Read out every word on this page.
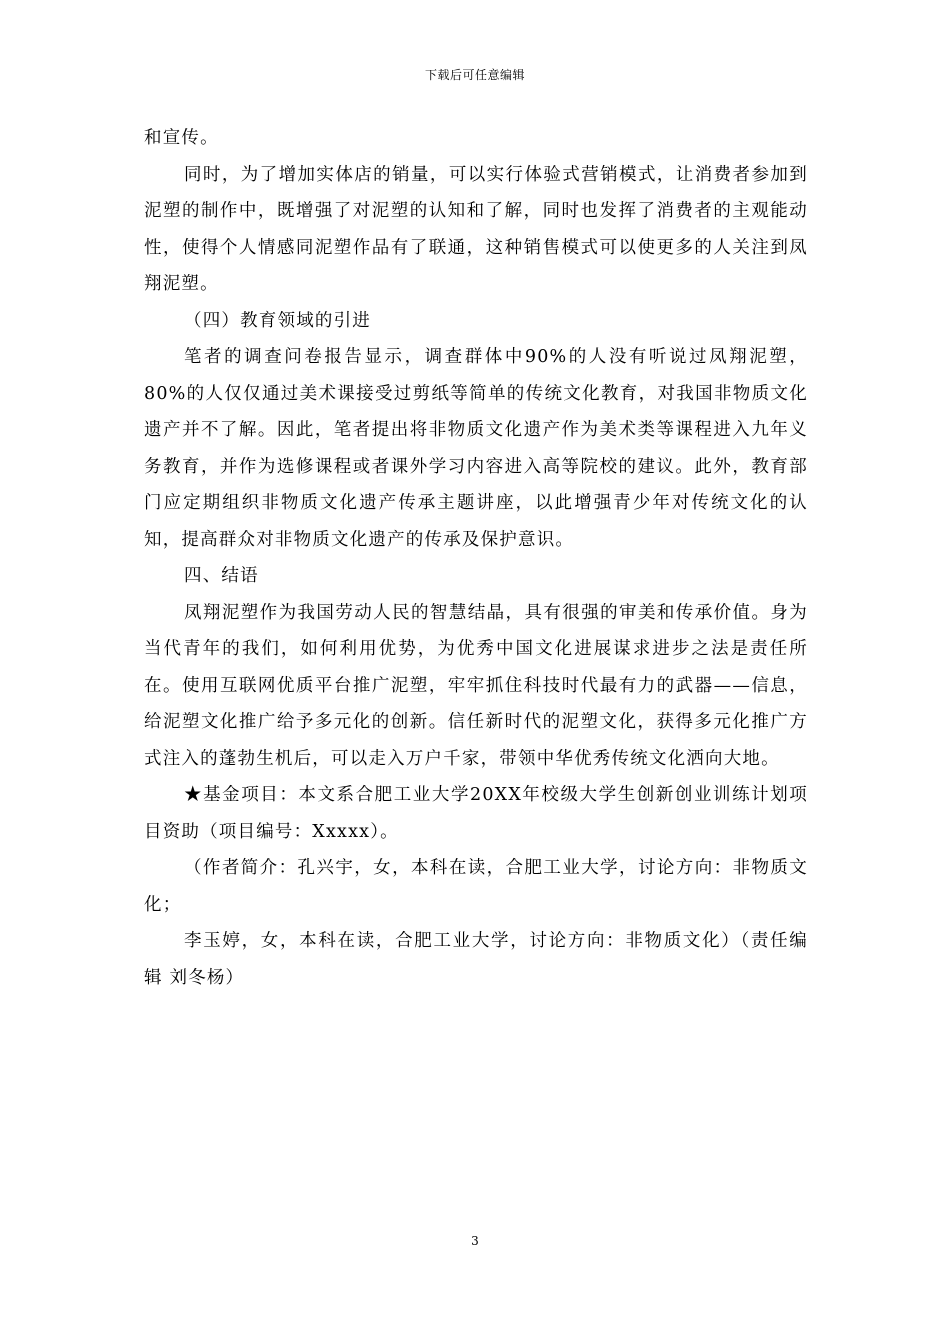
下载后可任意编辑

和宣传。

同时，为了增加实体店的销量，可以实行体验式营销模式，让消费者参加到泥塑的制作中，既增强了对泥塑的认知和了解，同时也发挥了消费者的主观能动性，使得个人情感同泥塑作品有了联通，这种销售模式可以使更多的人关注到凤翔泥塑。

（四）教育领域的引进

笔者的调查问卷报告显示，调查群体中90%的人没有听说过凤翔泥塑，80%的人仅仅通过美术课接受过剪纸等简单的传统文化教育，对我国非物质文化遗产并不了解。因此，笔者提出将非物质文化遗产作为美术类等课程进入九年义务教育，并作为选修课程或者课外学习内容进入高等院校的建议。此外，教育部门应定期组织非物质文化遗产传承主题讲座，以此增强青少年对传统文化的认知，提高群众对非物质文化遗产的传承及保护意识。

四、结语

凤翔泥塑作为我国劳动人民的智慧结晶，具有很强的审美和传承价值。身为当代青年的我们，如何利用优势，为优秀中国文化进展谋求进步之法是责任所在。使用互联网优质平台推广泥塑，牢牢抓住科技时代最有力的武器——信息，给泥塑文化推广给予多元化的创新。信任新时代的泥塑文化，获得多元化推广方式注入的蓬勃生机后，可以走入万户千家，带领中华优秀传统文化洒向大地。

★基金项目：本文系合肥工业大学20XX年校级大学生创新创业训练计划项目资助（项目编号：Xxxxx）。

（作者简介：孔兴宇，女，本科在读，合肥工业大学，讨论方向：非物质文化；

李玉婷，女，本科在读，合肥工业大学，讨论方向：非物质文化）（责任编辑 刘冬杨）

3
